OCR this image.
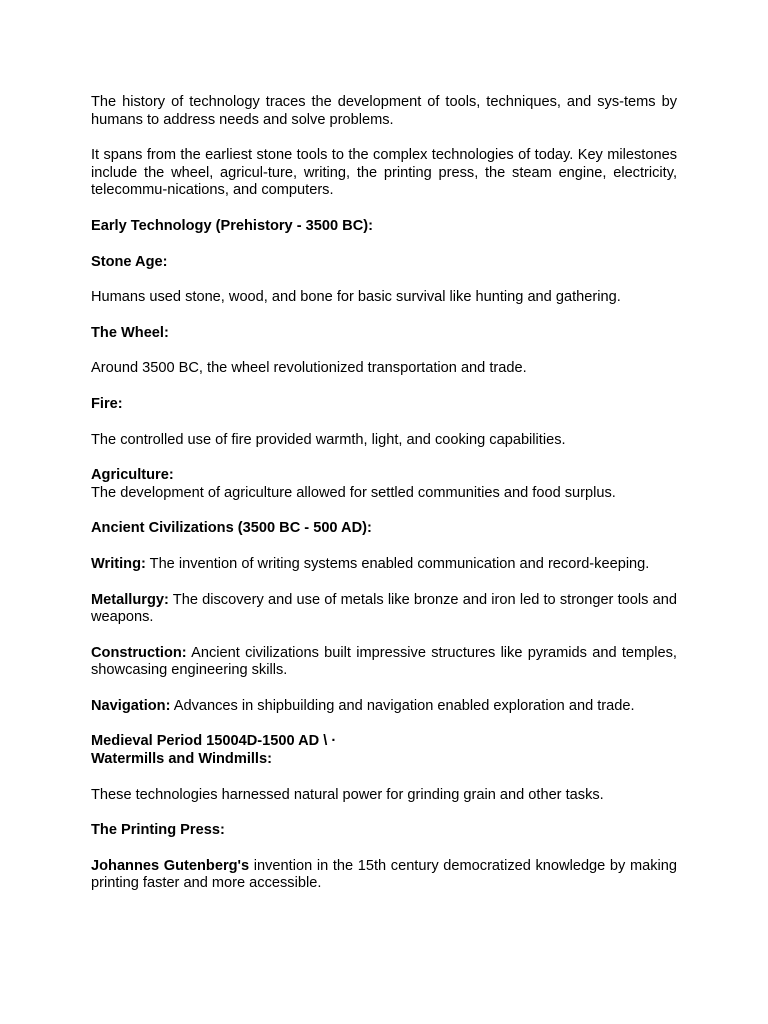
The history of technology traces the development of tools, techniques, and sys-tems by humans to address needs and solve problems.

It spans from the earliest stone tools to the complex technologies of today. Key milestones include the wheel, agricul-ture, writing, the printing press, the steam engine, electricity, telecommu-nications, and computers.

Early Technology (Prehistory - 3500 BC):

Stone Age:

Humans used stone, wood, and bone for basic survival like hunting and gathering.

The Wheel:

Around 3500 BC, the wheel revolutionized transportation and trade.

Fire:

The controlled use of fire provided warmth, light, and cooking capabilities.

Agriculture:

The development of agriculture allowed for settled communities and food surplus.

Ancient Civilizations (3500 BC - 500 AD):

Writing: The invention of writing systems enabled communication and record-keeping.

Metallurgy: The discovery and use of metals like bronze and iron led to stronger tools and weapons.

Construction: Ancient civilizations built impressive structures like pyramids and temples, showcasing engineering skills.

Navigation: Advances in shipbuilding and navigation enabled exploration and trade.

Medieval Period 15004D-1500 AD \ ·

Watermills and Windmills:

These technologies harnessed natural power for grinding grain and other tasks.

The Printing Press:

Johannes Gutenberg's invention in the 15th century democratized knowledge by making printing faster and more accessible.
